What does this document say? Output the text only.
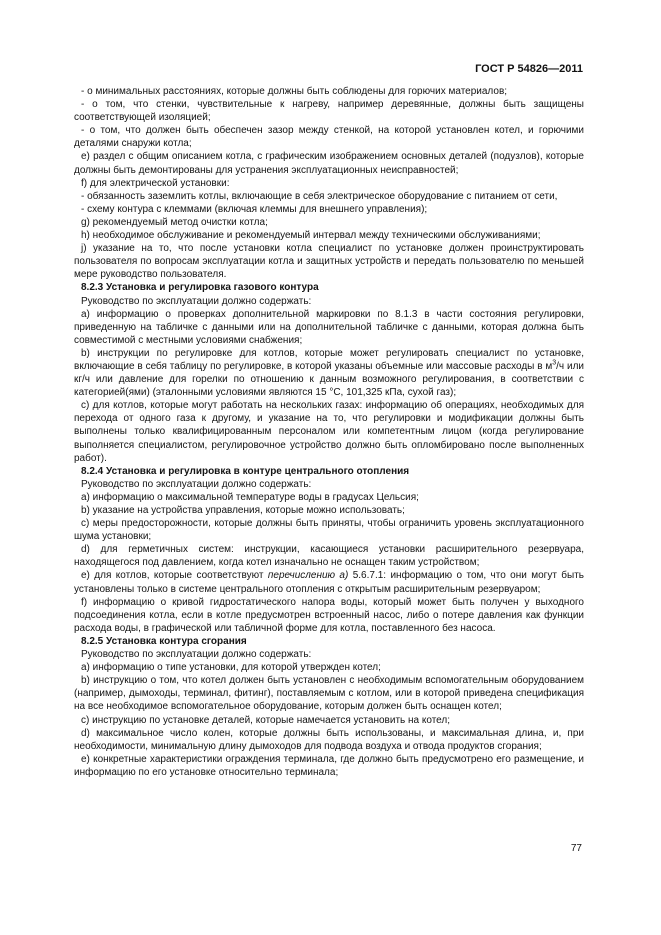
ГОСТ Р 54826—2011

- о минимальных расстояниях, которые должны быть соблюдены для горючих материалов;

- о том, что стенки, чувствительные к нагреву, например деревянные, должны быть защищены соответствующей изоляцией;

- о том, что должен быть обеспечен зазор между стенкой, на которой установлен котел, и горючими деталями снаружи котла;

е) раздел с общим описанием котла, с графическим изображением основных деталей (подузлов), которые должны быть демонтированы для устранения эксплуатационных неисправностей;

f) для электрической установки:

- обязанность заземлить котлы, включающие в себя электрическое оборудование с питанием от сети,

- схему контура с клеммами (включая клеммы для внешнего управления);

g) рекомендуемый метод очистки котла;

h) необходимое обслуживание и рекомендуемый интервал между техническими обслуживаниями;

j) указание на то, что после установки котла специалист по установке должен проинструктировать пользователя по вопросам эксплуатации котла и защитных устройств и передать пользователю по меньшей мере руководство пользователя.

8.2.3 Установка и регулировка газового контура

Руководство по эксплуатации должно содержать:

а) информацию о проверках дополнительной маркировки по 8.1.3 в части состояния регулировки, приведенную на табличке с данными или на дополнительной табличке с данными, которая должна быть совместимой с местными условиями снабжения;

b) инструкции по регулировке для котлов, которые может регулировать специалист по установке, включающие в себя таблицу по регулировке, в которой указаны объемные или массовые расходы в $м^3/ч$ или кг/ч или давление для горелки по отношению к данным возможного регулирования, в соответствии с категорией(ями) (эталонными условиями являются 15 °С, 101,325 кПа, сухой газ);

c) для котлов, которые могут работать на нескольких газах: информацию об операциях, необходимых для перехода от одного газа к другому, и указание на то, что регулировки и модификации должны быть выполнены только квалифицированным персоналом или компетентным лицом (когда регулирование выполняется специалистом, регулировочное устройство должно быть опломбировано после выполненных работ).

8.2.4 Установка и регулировка в контуре центрального отопления

Руководство по эксплуатации должно содержать:

а) информацию о максимальной температуре воды в градусах Цельсия;

b) указание на устройства управления, которые можно использовать;

c) меры предосторожности, которые должны быть приняты, чтобы ограничить уровень эксплуатационного шума установки;

d) для герметичных систем: инструкции, касающиеся установки расширительного резервуара, находящегося под давлением, когда котел изначально не оснащен таким устройством;

е) для котлов, которые соответствуют перечислению а) 5.6.7.1: информацию о том, что они могут быть установлены только в системе центрального отопления с открытым расширительным резервуаром;

f) информацию о кривой гидростатического напора воды, который может быть получен у выходного подсоединения котла, если в котле предусмотрен встроенный насос, либо о потере давления как функции расхода воды, в графической или табличной форме для котла, поставленного без насоса.

8.2.5 Установка контура сгорания

Руководство по эксплуатации должно содержать:

а) информацию о типе установки, для которой утвержден котел;

b) инструкцию о том, что котел должен быть установлен с необходимым вспомогательным оборудованием (например, дымоходы, терминал, фитинг), поставляемым с котлом, или в которой приведена спецификация на все необходимое вспомогательное оборудование, которым должен быть оснащен котел;

c) инструкцию по установке деталей, которые намечается установить на котел;

d) максимальное число колен, которые должны быть использованы, и максимальная длина, и, при необходимости, минимальную длину дымоходов для подвода воздуха и отвода продуктов сгорания;

е) конкретные характеристики ограждения терминала, где должно быть предусмотрено его размещение, и информацию по его установке относительно терминала;

77
